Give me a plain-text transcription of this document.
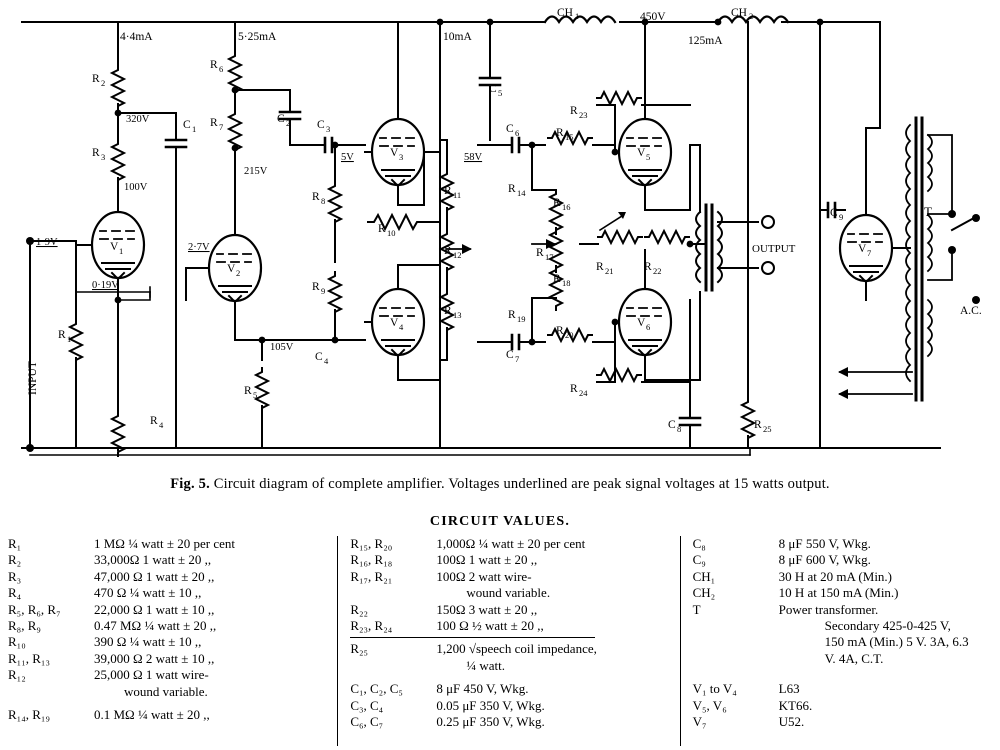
4·4mA	5·25mA	10mA	125mA
450V
CH 1	CH 2
R 2
R 3
R 4
R 1
R 6
R 7
R 5
R 8
R 9
R 10
R 11
R 12
R 13
R 14
R 19
R 16
R 17
R 18
R 15
R 20
R 21	R 22
R 23
R 24
R 25
C 1
C 2 C 3
C 4
C 5
C 6
C 7
C 8
C 9
V 1
V 2
V 3
V 4
V 5
V 6
V 7
T
1·9V
320V
100V
0·19V
2·7V
215V
5V	58V
105V
INPUT
OUTPUT
A.C.
Fig. 5. Circuit diagram of complete amplifier. Voltages underlined are peak signal voltages at 15 watts output.
CIRCUIT VALUES.
R₁	1 MΩ ¼ watt ± 20 per cent
R₂	33,000Ω 1 watt ± 20 ,,
R₃	47,000 Ω 1 watt ± 20 ,,
R₄	470 Ω ¼ watt ± 10 ,,
R₅, R₆, R₇	22,000 Ω 1 watt ± 10 ,,
R₈, R₉	0.47 MΩ ¼ watt ± 20 ,,
R₁₀	390 Ω ¼ watt ± 10 ,,
R₁₁, R₁₃	39,000 Ω 2 watt ± 10 ,,
R₁₂	25,000 Ω 1 watt wire-
wound variable.
R₁₄, R₁₉	0.1 MΩ ¼ watt ± 20 ,,
R₁₅, R₂₀	1,000Ω ¼ watt ± 20 per cent
R₁₆, R₁₈	100Ω 1 watt ± 20 ,,
R₁₇, R₂₁	100Ω 2 watt wire-
wound variable.
R₂₂	150Ω 3 watt ± 20 ,,
R₂₃, R₂₄	100 Ω ½ watt ± 20 ,,
R₂₅	1,200 √speech coil impedance,
¼ watt.
C₁, C₂, C₅	8 μF 450 V, Wkg.
C₃, C₄	0.05 μF 350 V, Wkg.
C₆, C₇	0.25 μF 350 V, Wkg.
C₈	8 μF 550 V, Wkg.
C₉	8 μF 600 V, Wkg.
CH₁	30 H at 20 mA (Min.)
CH₂	10 H at 150 mA (Min.)
T	Power transformer.
Secondary 425-0-425 V,
150 mA (Min.) 5 V. 3A, 6.3
V. 4A, C.T.
V₁ to V₄	L63
V₅, V₆	KT66.
V₇	U52.
